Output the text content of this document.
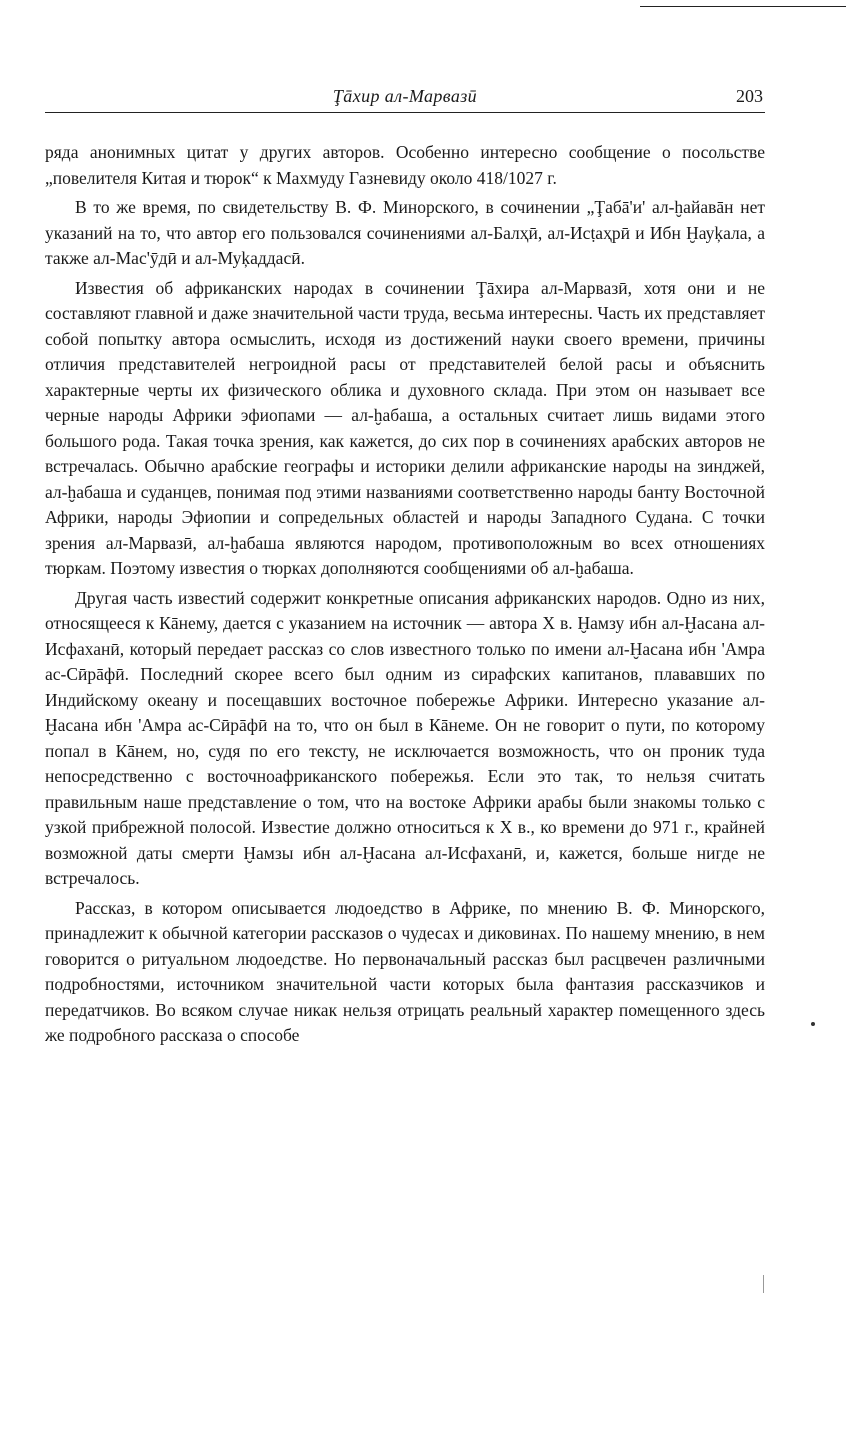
Ţāхир ал-Марвазӣ	203

ряда анонимных цитат у других авторов. Особенно интересно сообщение о посольстве „повелителя Китая и тюрок“ к Махмуду Газневиду около 418/1027 г.

В то же время, по свидетельству В. Ф. Минорского, в сочинении „Ţабā'и' ал-ḫайавāн нет указаний на то, что автор его пользовался сочинениями ал-Балҳӣ, ал-Исṭаҳрӣ и Ибн Ḫауķала, а также ал-Мас'ӯдӣ и ал-Муķаддасӣ.

Известия об африканских народах в сочинении Ţāхира ал-Марвазӣ, хотя они и не составляют главной и даже значительной части труда, весьма интересны. Часть их представляет собой попытку автора осмыслить, исходя из достижений науки своего времени, причины отличия представителей негроидной расы от представителей белой расы и объяснить характерные черты их физического облика и духовного склада. При этом он называет все черные народы Африки эфиопами — ал-ḫабаша, а остальных считает лишь видами этого большого рода. Такая точка зрения, как кажется, до сих пор в сочинениях арабских авторов не встречалась. Обычно арабские географы и историки делили африканские народы на зинджей, ал-ḫабаша и суданцев, понимая под этими названиями соответственно народы банту Восточной Африки, народы Эфиопии и сопредельных областей и народы Западного Судана. С точки зрения ал-Марвазӣ, ал-ḫабаша являются народом, противоположным во всех отношениях тюркам. Поэтому известия о тюрках дополняются сообщениями об ал-ḫабаша.

Другая часть известий содержит конкретные описания африканских народов. Одно из них, относящееся к Кāнему, дается с указанием на источник — автора X в. Ḫамзу ибн ал-Ḫасана ал-Исфаханӣ, который передает рассказ со слов известного только по имени ал-Ḫасана ибн 'Амра ас-Сӣрāфӣ. Последний скорее всего был одним из сирафских капитанов, плававших по Индийскому океану и посещавших восточное побережье Африки. Интересно указание ал-Ḫасана ибн 'Амра ас-Сӣрāфӣ на то, что он был в Кāнеме. Он не говорит о пути, по которому попал в Кāнем, но, судя по его тексту, не исключается возможность, что он проник туда непосредственно с восточноафриканского побережья. Если это так, то нельзя считать правильным наше представление о том, что на востоке Африки арабы были знакомы только с узкой прибрежной полосой. Известие должно относиться к X в., ко времени до 971 г., крайней возможной даты смерти Ḫамзы ибн ал-Ḫасана ал-Исфаханӣ, и, кажется, больше нигде не встречалось.

Рассказ, в котором описывается людоедство в Африке, по мнению В. Ф. Минорского, принадлежит к обычной категории рассказов о чудесах и диковинах. По нашему мнению, в нем говорится о ритуальном людоедстве. Но первоначальный рассказ был расцвечен различными подробностями, источником значительной части которых была фантазия рассказчиков и передатчиков. Во всяком случае никак нельзя отрицать реальный характер помещенного здесь же подробного рассказа о способе
